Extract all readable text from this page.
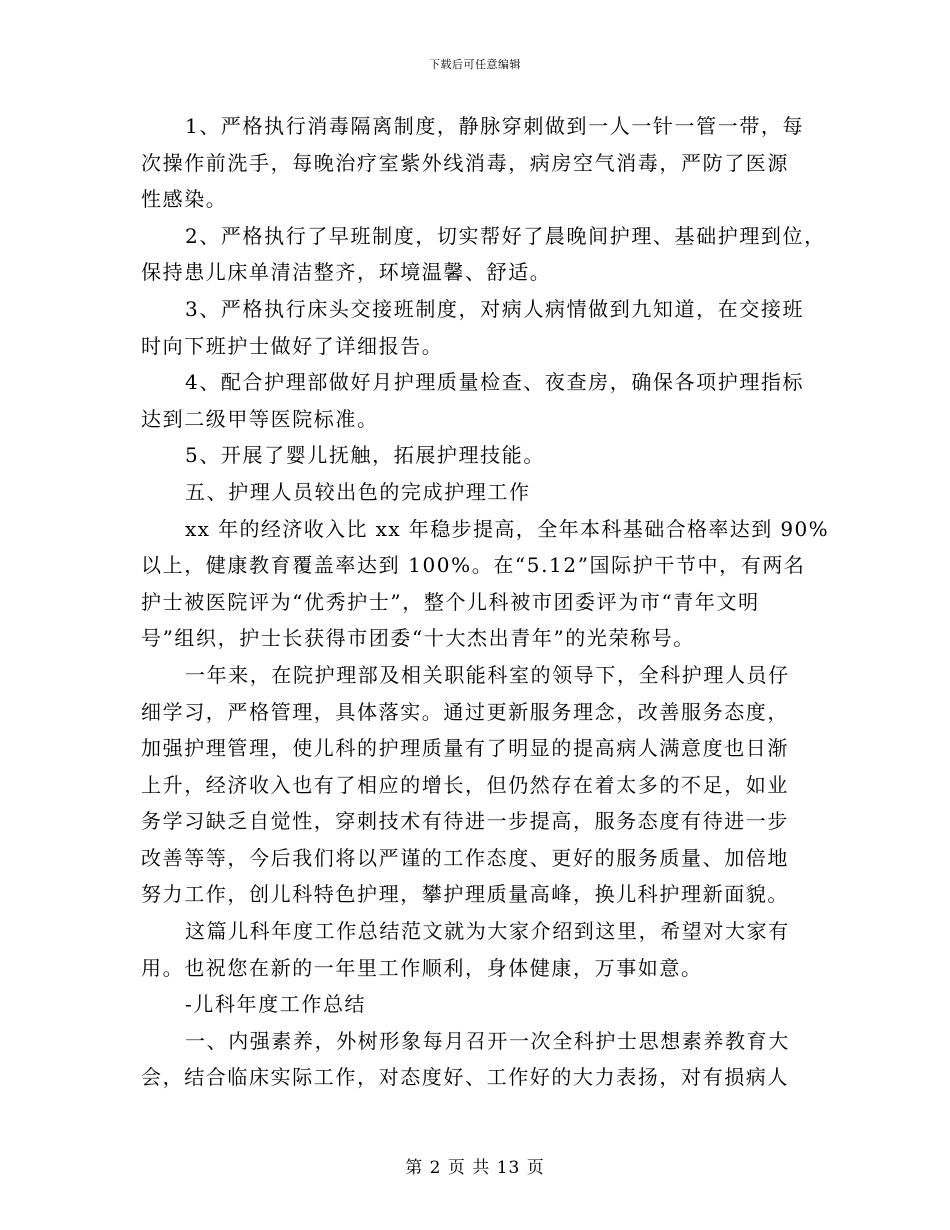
下载后可任意编辑
1、严格执行消毒隔离制度，静脉穿刺做到一人一针一管一带，每
次操作前洗手，每晚治疗室紫外线消毒，病房空气消毒，严防了医源
性感染。
2、严格执行了早班制度，切实帮好了晨晚间护理、基础护理到位，
保持患儿床单清洁整齐，环境温馨、舒适。
3、严格执行床头交接班制度，对病人病情做到九知道，在交接班
时向下班护士做好了详细报告。
4、配合护理部做好月护理质量检查、夜查房，确保各项护理指标
达到二级甲等医院标准。
5、开展了婴儿抚触，拓展护理技能。
五、护理人员较出色的完成护理工作
xx 年的经济收入比 xx 年稳步提高，全年本科基础合格率达到 90%
以上，健康教育覆盖率达到 100%。在“5.12”国际护干节中，有两名
护士被医院评为“优秀护士”，整个儿科被市团委评为市“青年文明
号”组织，护士长获得市团委“十大杰出青年”的光荣称号。
一年来，在院护理部及相关职能科室的领导下，全科护理人员仔
细学习，严格管理，具体落实。通过更新服务理念，改善服务态度，
加强护理管理，使儿科的护理质量有了明显的提高病人满意度也日渐
上升，经济收入也有了相应的增长，但仍然存在着太多的不足，如业
务学习缺乏自觉性，穿刺技术有待进一步提高，服务态度有待进一步
改善等等，今后我们将以严谨的工作态度、更好的服务质量、加倍地
努力工作，创儿科特色护理，攀护理质量高峰，换儿科护理新面貌。
这篇儿科年度工作总结范文就为大家介绍到这里，希望对大家有
用。也祝您在新的一年里工作顺利，身体健康，万事如意。
-儿科年度工作总结
一、内强素养，外树形象每月召开一次全科护士思想素养教育大
会，结合临床实际工作，对态度好、工作好的大力表扬，对有损病人
第 2 页 共 13 页
